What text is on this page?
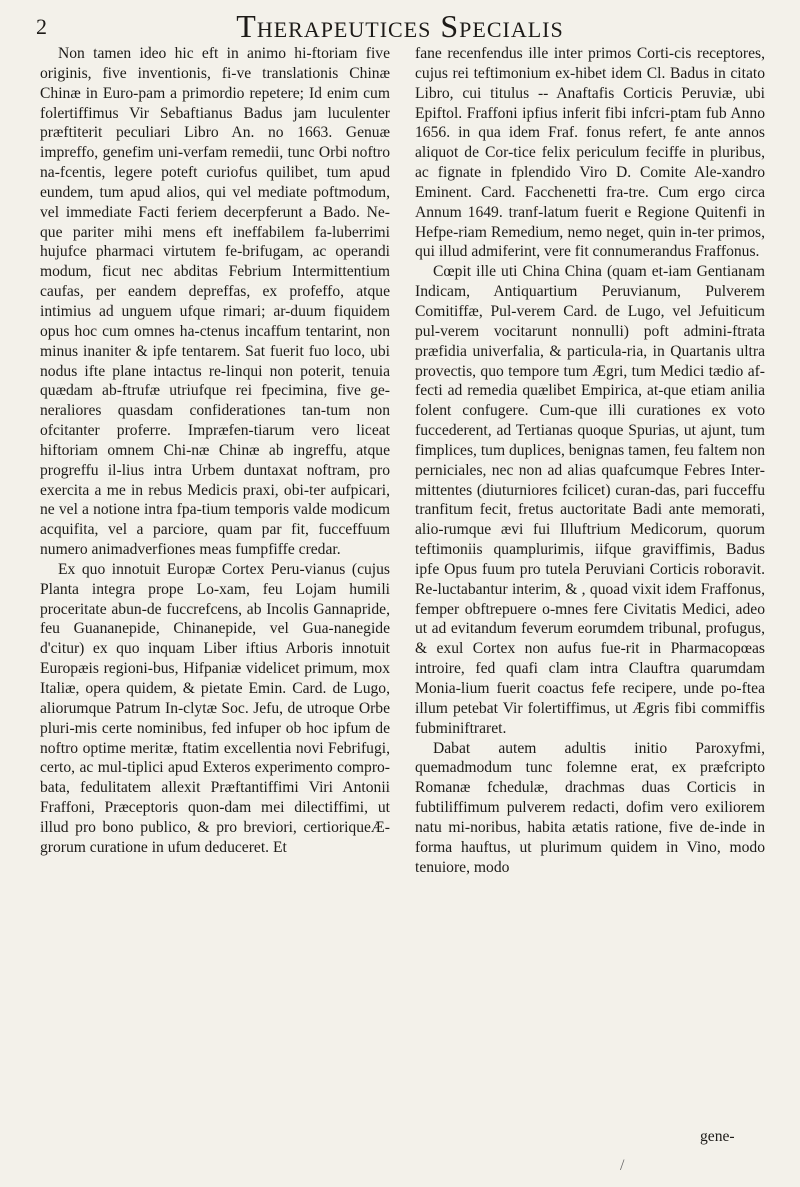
2	Therapeutices Specialis

Non tamen ideo hic eft in animo hi-ftoriam five originis, five inventionis, fi-ve translationis Chinæ Chinæ in Euro-pam a primordio repetere; Id enim cum folertiffimus Vir Sebaftianus Badus jam luculenter præftiterit peculiari Libro An. no 1663. Genuæ impreffo, genefim uni-verfam remedii, tunc Orbi noftro na-fcentis, legere poteft curiofus quilibet, tum apud eundem, tum apud alios, qui vel mediate poftmodum, vel immediate Facti feriem decerpferunt a Bado. Ne-que pariter mihi mens eft ineffabilem fa-luberrimi hujufce pharmaci virtutem fe-brifugam, ac operandi modum, ficut nec abditas Febrium Intermittentium caufas, per eandem depreffas, ex profeffo, atque intimius ad unguem ufque rimari; ar-duum fiquidem opus hoc cum omnes ha-ctenus incaffum tentarint, non minus inaniter & ipfe tentarem. Sat fuerit fuo loco, ubi nodus ifte plane intactus re-linqui non poterit, tenuia quædam ab-ftrufæ utriufque rei fpecimina, five ge-neraliores quasdam confiderationes tan-tum non ofcitanter proferre. Impræfen-tiarum vero liceat hiftoriam omnem Chi-næ Chinæ ab ingreffu, atque progreffu il-lius intra Urbem duntaxat noftram, pro exercita a me in rebus Medicis praxi, obi-ter aufpicari, ne vel a notione intra fpa-tium temporis valde modicum acquifita, vel a parciore, quam par fit, fucceffuum numero animadverfiones meas fumpfiffe credar.

Ex quo innotuit Europæ Cortex Peru-vianus (cujus Planta integra prope Lo-xam, feu Lojam humili proceritate abun-de fuccrefcens, ab Incolis Gannapride, feu Guananepide, Chinanepide, vel Gua-nanegide d'citur) ex quo inquam Liber iftius Arboris innotuit Europæis regioni-bus, Hifpaniæ videlicet primum, mox Italiæ, opera quidem, & pietate Emin. Card. de Lugo, aliorumque Patrum In-clytæ Soc. Jefu, de utroque Orbe pluri-mis certe nominibus, fed infuper ob hoc ipfum de noftro optime meritæ, ftatim excellentia novi Febrifugi, certo, ac mul-tiplici apud Exteros experimento compro-bata, fedulitatem allexit Præftantiffimi Viri Antonii Fraffoni, Præceptoris quon-dam mei dilectiffimi, ut illud pro bono publico, & pro breviori, certioriqueÆ-grorum curatione in ufum deduceret. Et

fane recenfendus ille inter primos Corti-cis receptores, cujus rei teftimonium ex-hibet idem Cl. Badus in citato Libro, cui titulus -- Anaftafis Corticis Peruviæ, ubi Epiftol. Fraffoni ipfius inferit fibi infcri-ptam fub Anno 1656. in qua idem Fraf. fonus refert, fe ante annos aliquot de Cor-tice felix periculum feciffe in pluribus, ac fignate in fplendido Viro D. Comite Ale-xandro Eminent. Card. Facchenetti fra-tre. Cum ergo circa Annum 1649. tranf-latum fuerit e Regione Quitenfi in Hefpe-riam Remedium, nemo neget, quin in-ter primos, qui illud admiferint, vere fit connumerandus Fraffonus.

Cœpit ille uti China China (quam et-iam Gentianam Indicam, Antiquartium Peruvianum, Pulverem Comitiffæ, Pul-verem Card. de Lugo, vel Jefuiticum pul-verem vocitarunt nonnulli) poft admini-ftrata præfidia univerfalia, & particula-ria, in Quartanis ultra provectis, quo tempore tum Ægri, tum Medici tædio af-fecti ad remedia quælibet Empirica, at-que etiam anilia folent confugere. Cum-que illi curationes ex voto fuccederent, ad Tertianas quoque Spurias, ut ajunt, tum fimplices, tum duplices, benignas tamen, feu faltem non perniciales, nec non ad alias quafcumque Febres Inter-mittentes (diuturniores fcilicet) curan-das, pari fucceffu tranfitum fecit, fretus auctoritate Badi ante memorati, alio-rumque ævi fui Illuftrium Medicorum, quorum teftimoniis quamplurimis, iifque graviffimis, Badus ipfe Opus fuum pro tutela Peruviani Corticis roboravit. Re-luctabantur interim, & , quoad vixit idem Fraffonus, femper obftrepuere o-mnes fere Civitatis Medici, adeo ut ad evitandum feverum eorumdem tribunal, profugus, & exul Cortex non aufus fue-rit in Pharmacopœas introire, fed quafi clam intra Clauftra quarumdam Monia-lium fuerit coactus fefe recipere, unde po-ftea illum petebat Vir folertiffimus, ut Ægris fibi commiffis fubminiftraret.

Dabat autem adultis initio Paroxyfmi, quemadmodum tunc folemne erat, ex præfcripto Romanæ fchedulæ, drachmas duas Corticis in fubtiliffimum pulverem redacti, dofim vero exiliorem natu mi-noribus, habita ætatis ratione, five de-inde in forma hauftus, ut plurimum quidem in Vino, modo tenuiore, modo

gene-
/
